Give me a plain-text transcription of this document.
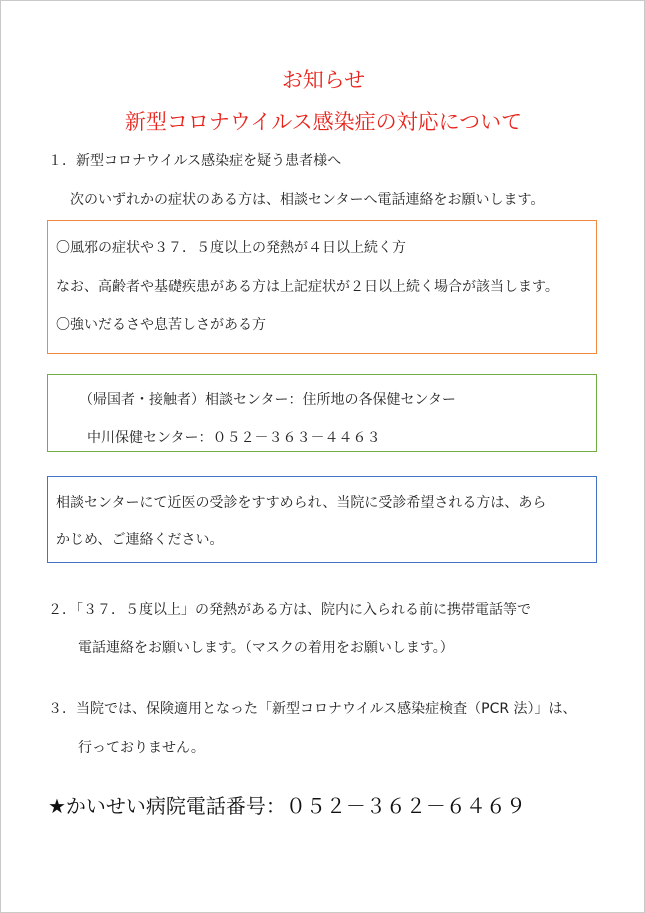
お知らせ
新型コロナウイルス感染症の対応について
１．新型コロナウイルス感染症を疑う患者様へ
次のいずれかの症状のある方は、相談センターへ電話連絡をお願いします。
〇風邪の症状や３７．５度以上の発熱が４日以上続く方
なお、高齢者や基礎疾患がある方は上記症状が２日以上続く場合が該当します。
〇強いだるさや息苦しさがある方
（帰国者・接触者）相談センター：住所地の各保健センター
中川保健センター：０５２－３６３－４４６３
相談センターにて近医の受診をすすめられ、当院に受診希望される方は、あら
かじめ、ご連絡ください。
２．「３７．５度以上」の発熱がある方は、院内に入られる前に携帯電話等で
電話連絡をお願いします。（マスクの着用をお願いします。）
３．当院では、保険適用となった「新型コロナウイルス感染症検査（PCR 法）」は、
行っておりません。
★かいせい病院電話番号：０５２－３６２－６４６９
